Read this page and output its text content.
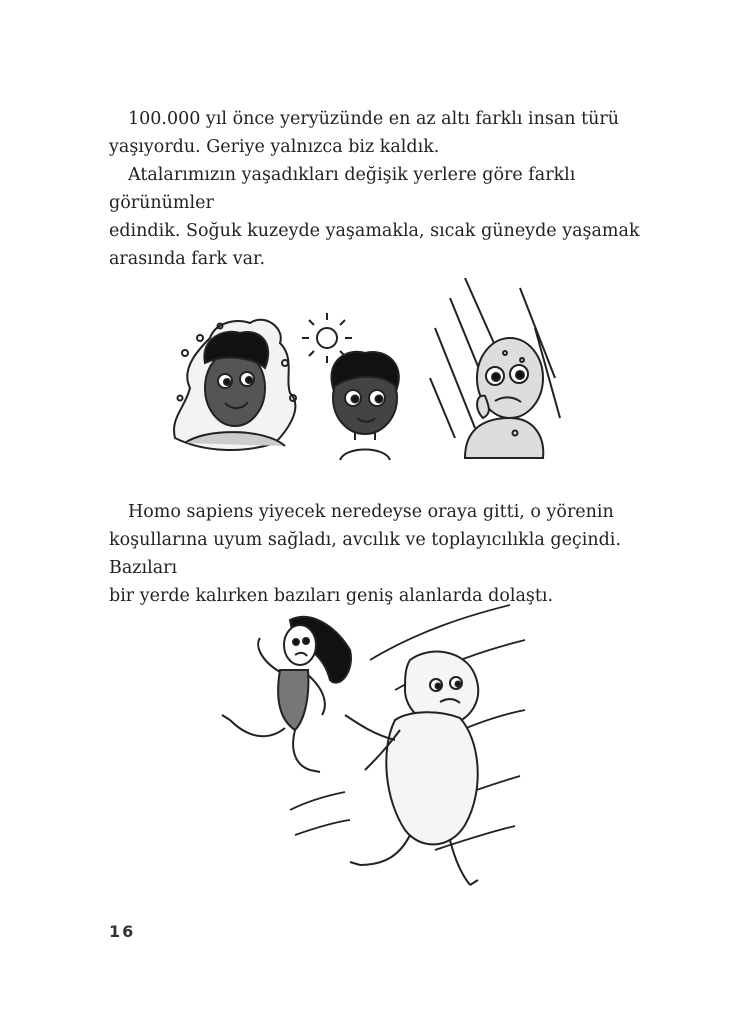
100.000 yıl önce yeryüzünde en az altı farklı insan türü
yaşıyordu. Geriye yalnızca biz kaldık.
Atalarımızın yaşadıkları değişik yerlere göre farklı görünümler
edindik. Soğuk kuzeyde yaşamakla, sıcak güneyde yaşamak
arasında fark var.
Homo sapiens yiyecek neredeyse oraya gitti, o yörenin
koşullarına uyum sağladı, avcılık ve toplayıcılıkla geçindi. Bazıları
bir yerde kalırken bazıları geniş alanlarda dolaştı.
16
